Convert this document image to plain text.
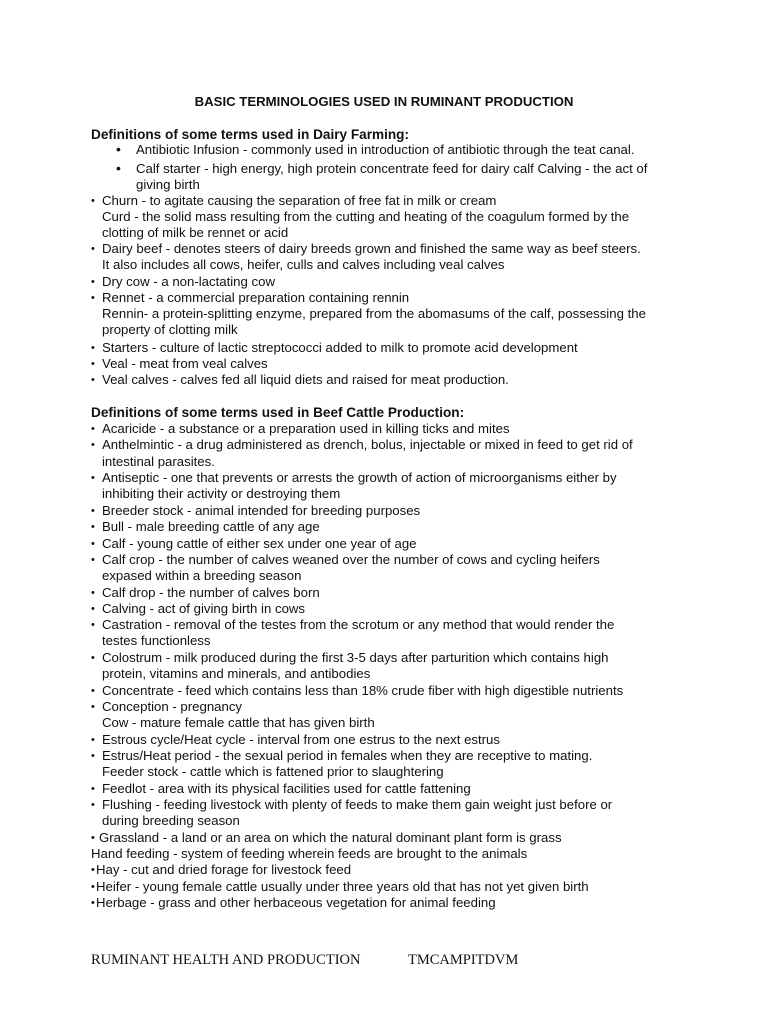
BASIC TERMINOLOGIES USED IN RUMINANT PRODUCTION
Definitions of some terms used in Dairy Farming:
• Antibiotic Infusion - commonly used in introduction of antibiotic through the teat canal.
• Calf starter - high energy, high protein concentrate feed for dairy calf Calving - the act of
giving birth
• Churn - to agitate causing the separation of free fat in milk or cream
Curd - the solid mass resulting from the cutting and heating of the coagulum formed by the
clotting of milk be rennet or acid
• Dairy beef - denotes steers of dairy breeds grown and finished the same way as beef steers.
It also includes all cows, heifer, culls and calves including veal calves
• Dry cow - a non-lactating cow
• Rennet - a commercial preparation containing rennin
Rennin- a protein-splitting enzyme, prepared from the abomasums of the calf, possessing the
property of clotting milk
• Starters - culture of lactic streptococci added to milk to promote acid development
• Veal - meat from veal calves
• Veal calves - calves fed all liquid diets and raised for meat production.
Definitions of some terms used in Beef Cattle Production:
• Acaricide - a substance or a preparation used in killing ticks and mites
• Anthelmintic - a drug administered as drench, bolus, injectable or mixed in feed to get rid of
intestinal parasites.
• Antiseptic - one that prevents or arrests the growth of action of microorganisms either by
inhibiting their activity or destroying them
• Breeder stock - animal intended for breeding purposes
• Bull - male breeding cattle of any age
• Calf - young cattle of either sex under one year of age
• Calf crop - the number of calves weaned over the number of cows and cycling heifers
expased within a breeding season
• Calf drop - the number of calves born
• Calving - act of giving birth in cows
• Castration - removal of the testes from the scrotum or any method that would render the
testes functionless
• Colostrum - milk produced during the first 3-5 days after parturition which contains high
protein, vitamins and minerals, and antibodies
• Concentrate - feed which contains less than 18% crude fiber with high digestible nutrients
• Conception - pregnancy
Cow - mature female cattle that has given birth
• Estrous cycle/Heat cycle - interval from one estrus to the next estrus
• Estrus/Heat period - the sexual period in females when they are receptive to mating.
Feeder stock - cattle which is fattened prior to slaughtering
• Feedlot - area with its physical facilities used for cattle fattening
• Flushing - feeding livestock with plenty of feeds to make them gain weight just before or
during breeding season
• Grassland - a land or an area on which the natural dominant plant form is grass
Hand feeding - system of feeding wherein feeds are brought to the animals
• Hay - cut and dried forage for livestock feed
• Heifer - young female cattle usually under three years old that has not yet given birth
• Herbage - grass and other herbaceous vegetation for animal feeding
RUMINANT HEALTH AND PRODUCTION	TMCAMPITDVM
